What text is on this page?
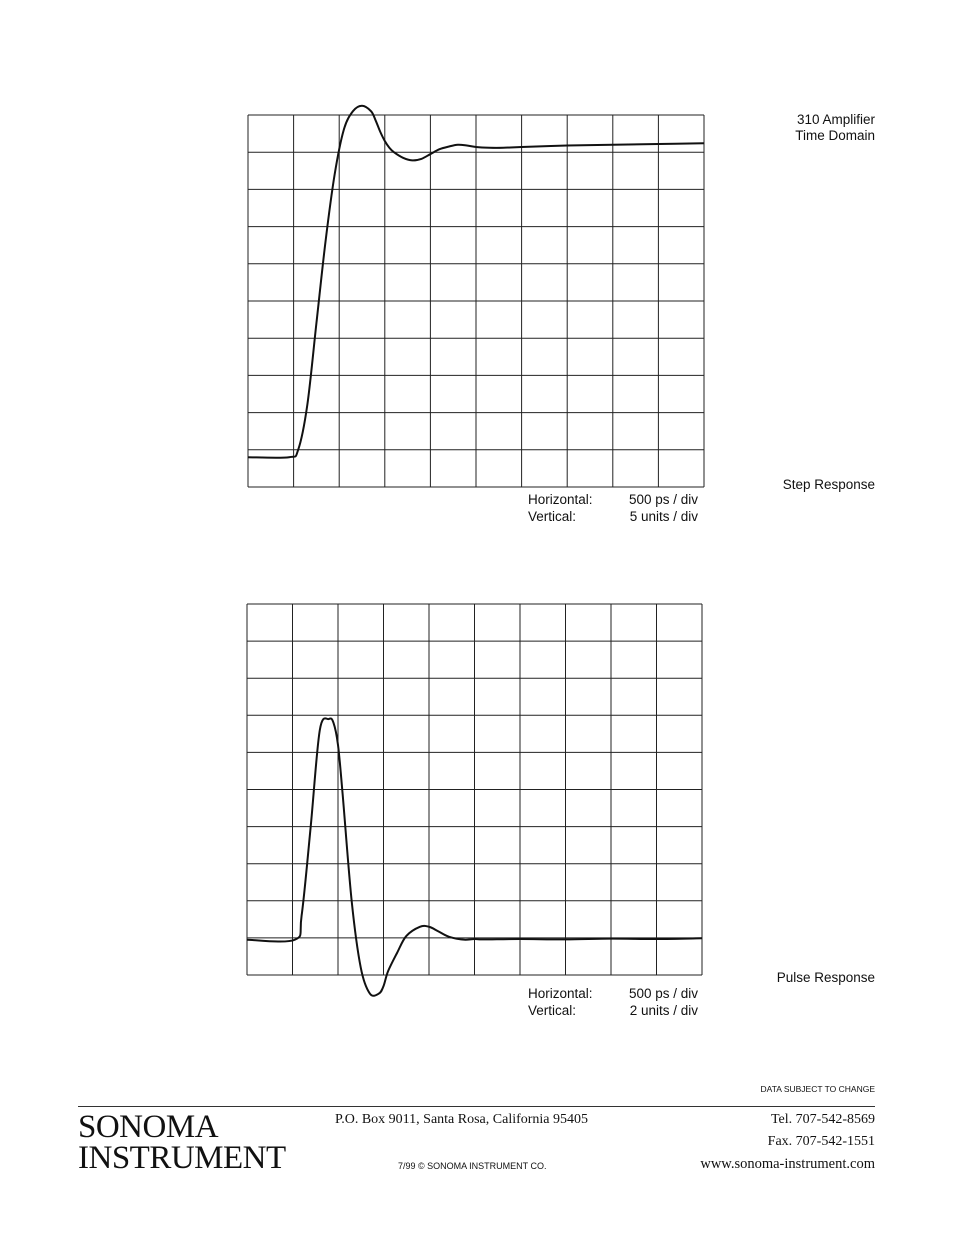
310 Amplifier
Time Domain
Step Response
Horizontal:	500 ps / div
Vertical:	5 units / div
Pulse Response
Horizontal:	500 ps / div
Vertical:	2 units / div
DATA SUBJECT TO CHANGE
SONOMA
INSTRUMENT
P.O. Box 9011, Santa Rosa, California 95405
7/99 © SONOMA INSTRUMENT CO.
Tel. 707-542-8569
Fax. 707-542-1551
www.sonoma-instrument.com
